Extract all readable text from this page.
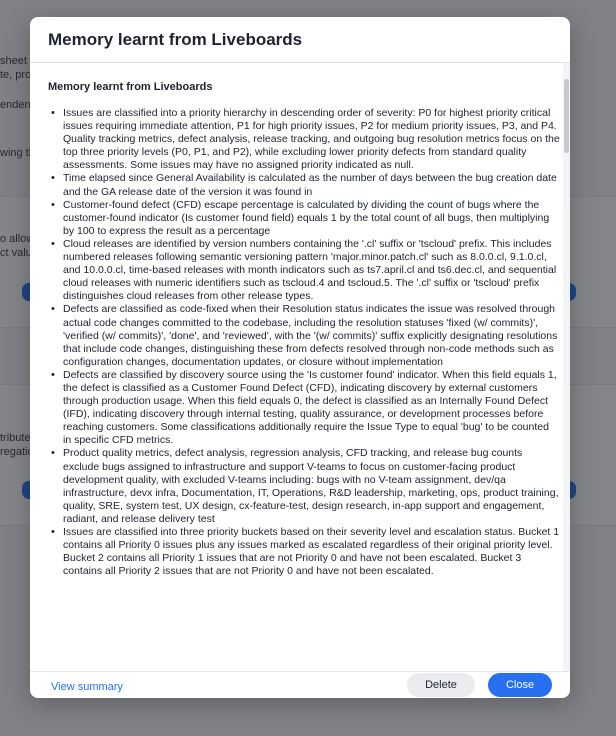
Memory learnt from Liveboards
Memory learnt from Liveboards
• Issues are classified into a priority hierarchy in descending order of severity: P0 for highest priority critical issues requiring immediate attention, P1 for high priority issues, P2 for medium priority issues, P3, and P4. Quality tracking metrics, defect analysis, release tracking, and outgoing bug resolution metrics focus on the top three priority levels (P0, P1, and P2), while excluding lower priority defects from standard quality assessments. Some issues may have no assigned priority indicated as null.
• Time elapsed since General Availability is calculated as the number of days between the bug creation date and the GA release date of the version it was found in
• Customer-found defect (CFD) escape percentage is calculated by dividing the count of bugs where the customer-found indicator (Is customer found field) equals 1 by the total count of all bugs, then multiplying by 100 to express the result as a percentage
• Cloud releases are identified by version numbers containing the '.cl' suffix or 'tscloud' prefix. This includes numbered releases following semantic versioning pattern 'major.minor.patch.cl' such as 8.0.0.cl, 9.1.0.cl, and 10.0.0.cl, time-based releases with month indicators such as ts7.april.cl and ts6.dec.cl, and sequential cloud releases with numeric identifiers such as tscloud.4 and tscloud.5. The '.cl' suffix or 'tscloud' prefix distinguishes cloud releases from other release types.
• Defects are classified as code-fixed when their Resolution status indicates the issue was resolved through actual code changes committed to the codebase, including the resolution statuses 'fixed (w/ commits)', 'verified (w/ commits)', 'done', and 'reviewed', with the '(w/ commits)' suffix explicitly designating resolutions that include code changes, distinguishing these from defects resolved through non-code methods such as configuration changes, documentation updates, or closure without implementation
• Defects are classified by discovery source using the 'Is customer found' indicator. When this field equals 1, the defect is classified as a Customer Found Defect (CFD), indicating discovery by external customers through production usage. When this field equals 0, the defect is classified as an Internally Found Defect (IFD), indicating discovery through internal testing, quality assurance, or development processes before reaching customers. Some classifications additionally require the Issue Type to equal 'bug' to be counted in specific CFD metrics.
• Product quality metrics, defect analysis, regression analysis, CFD tracking, and release bug counts exclude bugs assigned to infrastructure and support V-teams to focus on customer-facing product development quality, with excluded V-teams including: bugs with no V-team assignment, dev/qa infrastructure, devx infra, Documentation, IT, Operations, R&D leadership, marketing, ops, product training, quality, SRE, system test, UX design, cx-feature-test, design research, in-app support and engagement, radiant, and release delivery test
• Issues are classified into three priority buckets based on their severity level and escalation status. Bucket 1 contains all Priority 0 issues plus any issues marked as escalated regardless of their original priority level. Bucket 2 contains all Priority 1 issues that are not Priority 0 and have not been escalated. Bucket 3 contains all Priority 2 issues that are not Priority 0 and have not been escalated.
View summary	Delete	Close
